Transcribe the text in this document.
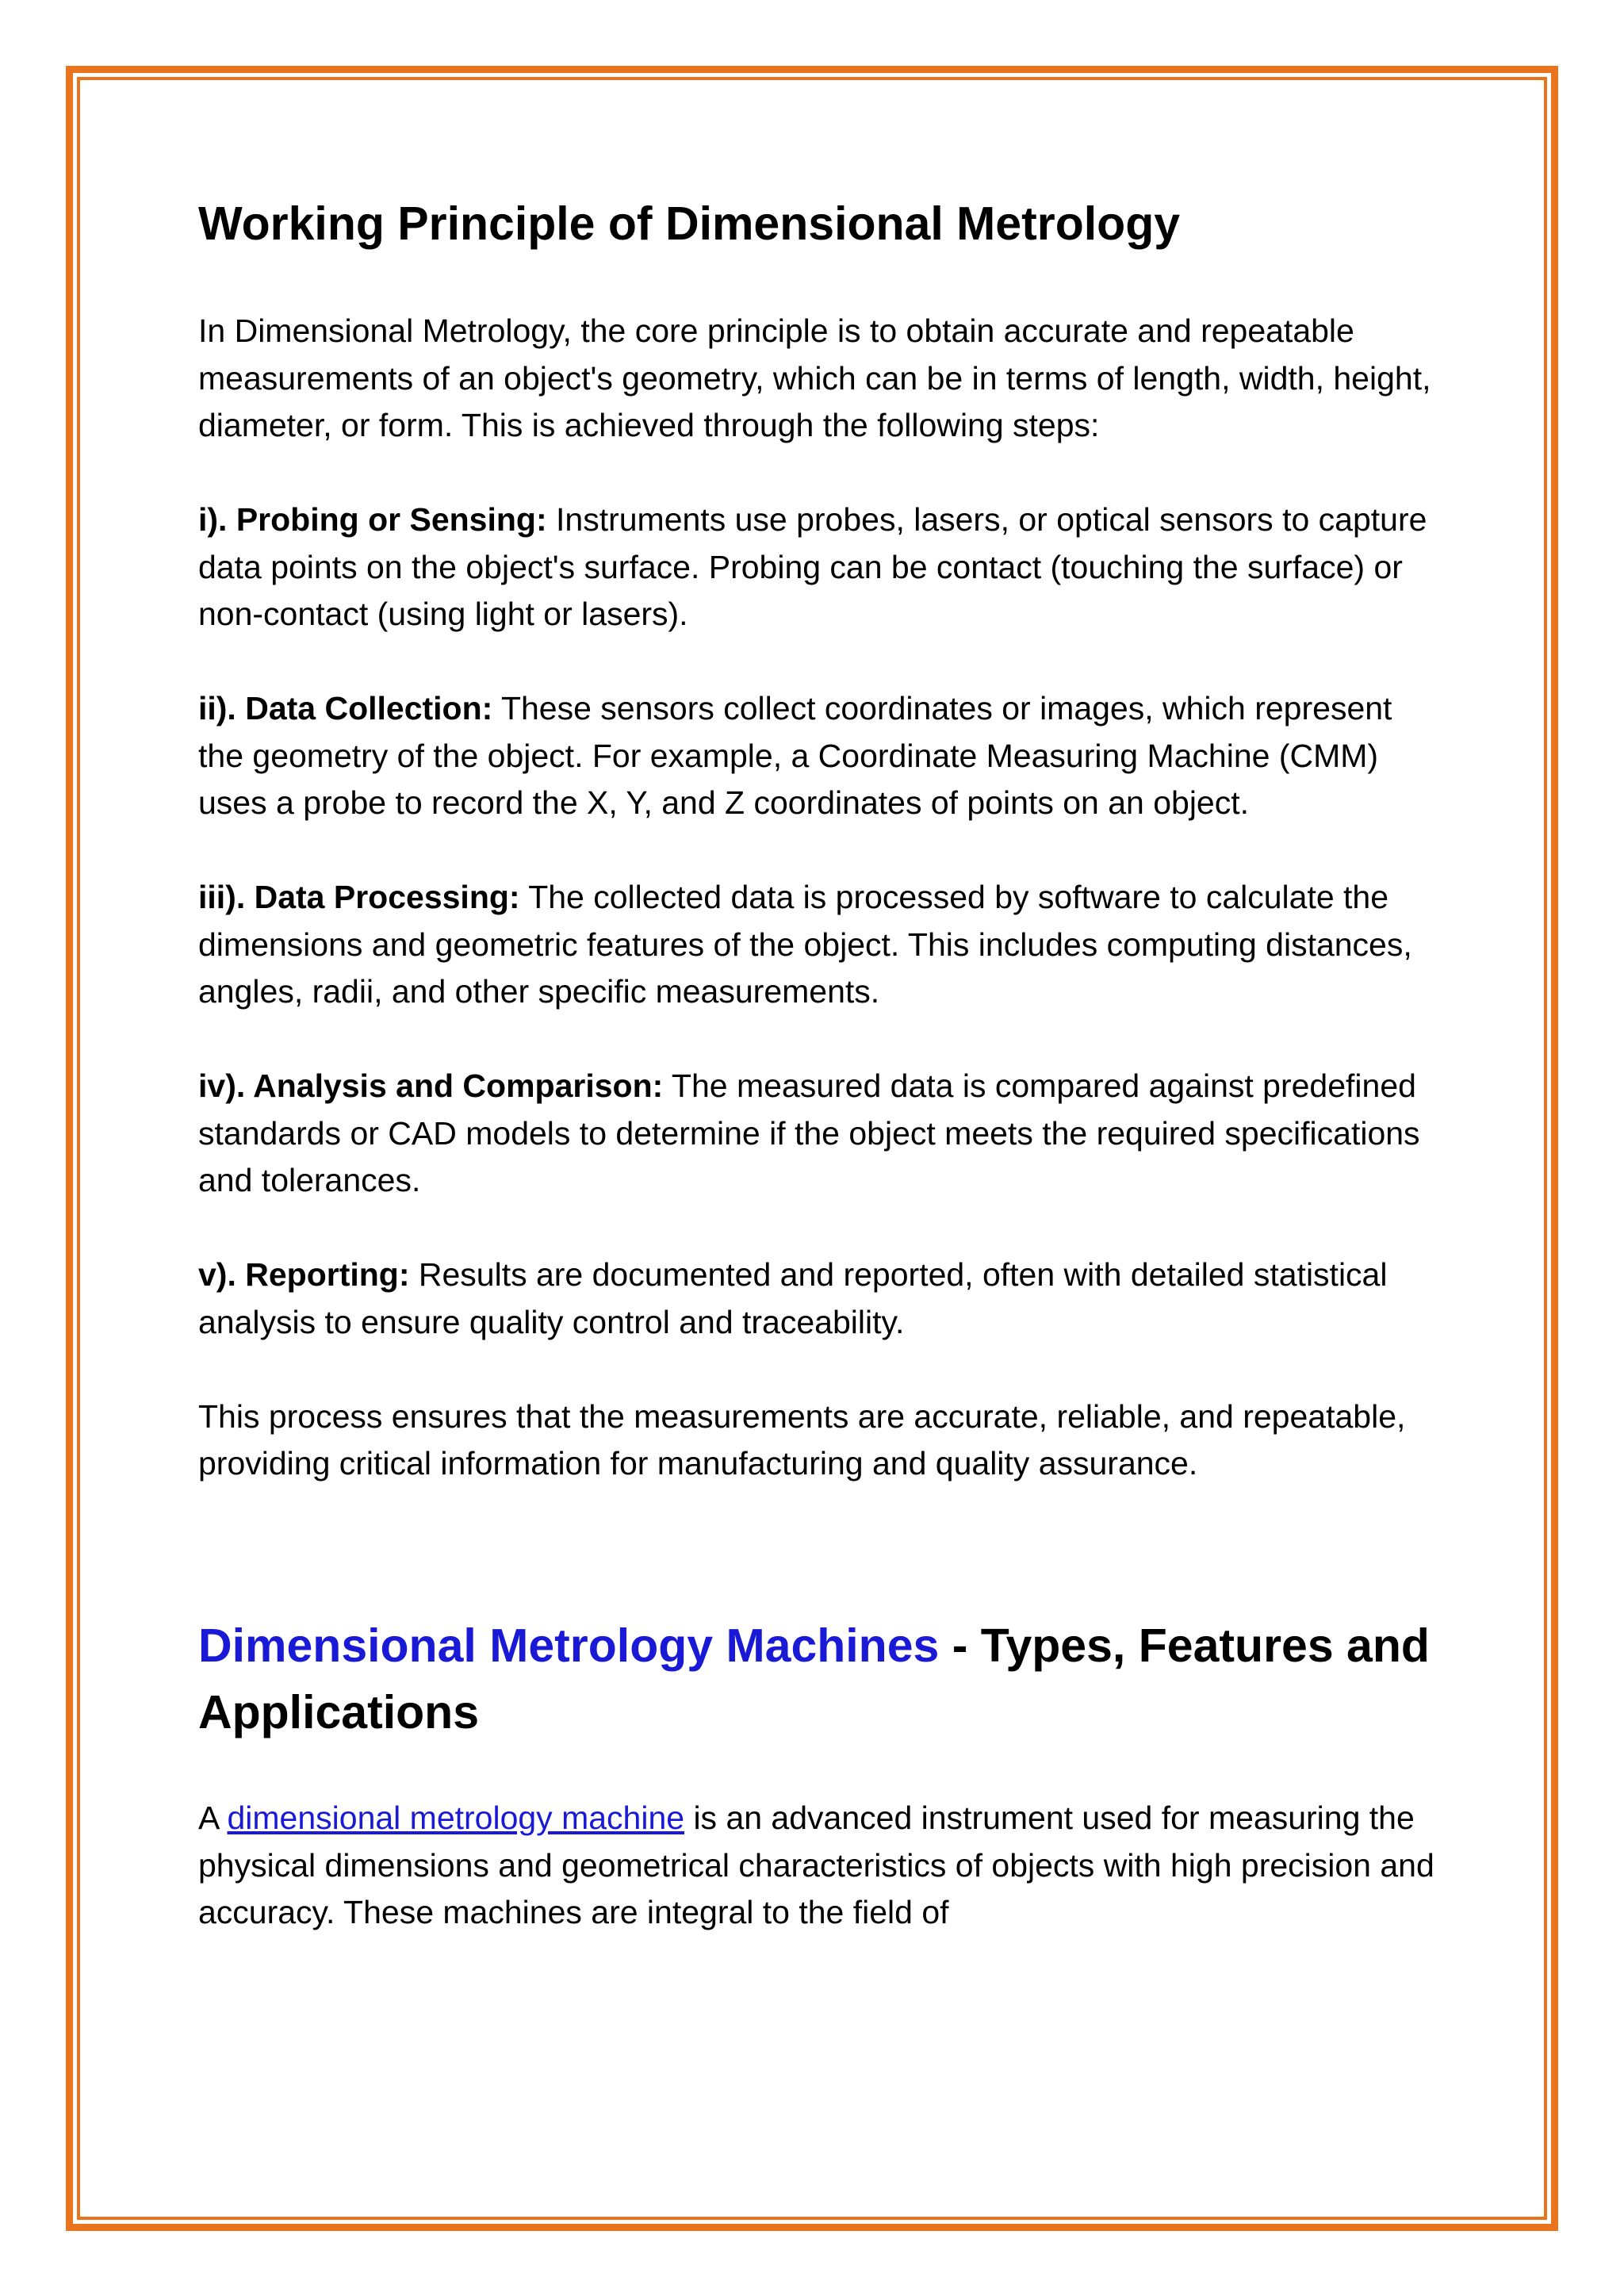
Working Principle of Dimensional Metrology

In Dimensional Metrology, the core principle is to obtain accurate and repeatable measurements of an object's geometry, which can be in terms of length, width, height, diameter, or form. This is achieved through the following steps:

i). Probing or Sensing: Instruments use probes, lasers, or optical sensors to capture data points on the object's surface. Probing can be contact (touching the surface) or non-contact (using light or lasers).

ii). Data Collection: These sensors collect coordinates or images, which represent the geometry of the object. For example, a Coordinate Measuring Machine (CMM) uses a probe to record the X, Y, and Z coordinates of points on an object.

iii). Data Processing: The collected data is processed by software to calculate the dimensions and geometric features of the object. This includes computing distances, angles, radii, and other specific measurements.

iv). Analysis and Comparison: The measured data is compared against predefined standards or CAD models to determine if the object meets the required specifications and tolerances.

v). Reporting: Results are documented and reported, often with detailed statistical analysis to ensure quality control and traceability.

This process ensures that the measurements are accurate, reliable, and repeatable, providing critical information for manufacturing and quality assurance.

Dimensional Metrology Machines - Types, Features and Applications

A dimensional metrology machine is an advanced instrument used for measuring the physical dimensions and geometrical characteristics of objects with high precision and accuracy. These machines are integral to the field of
